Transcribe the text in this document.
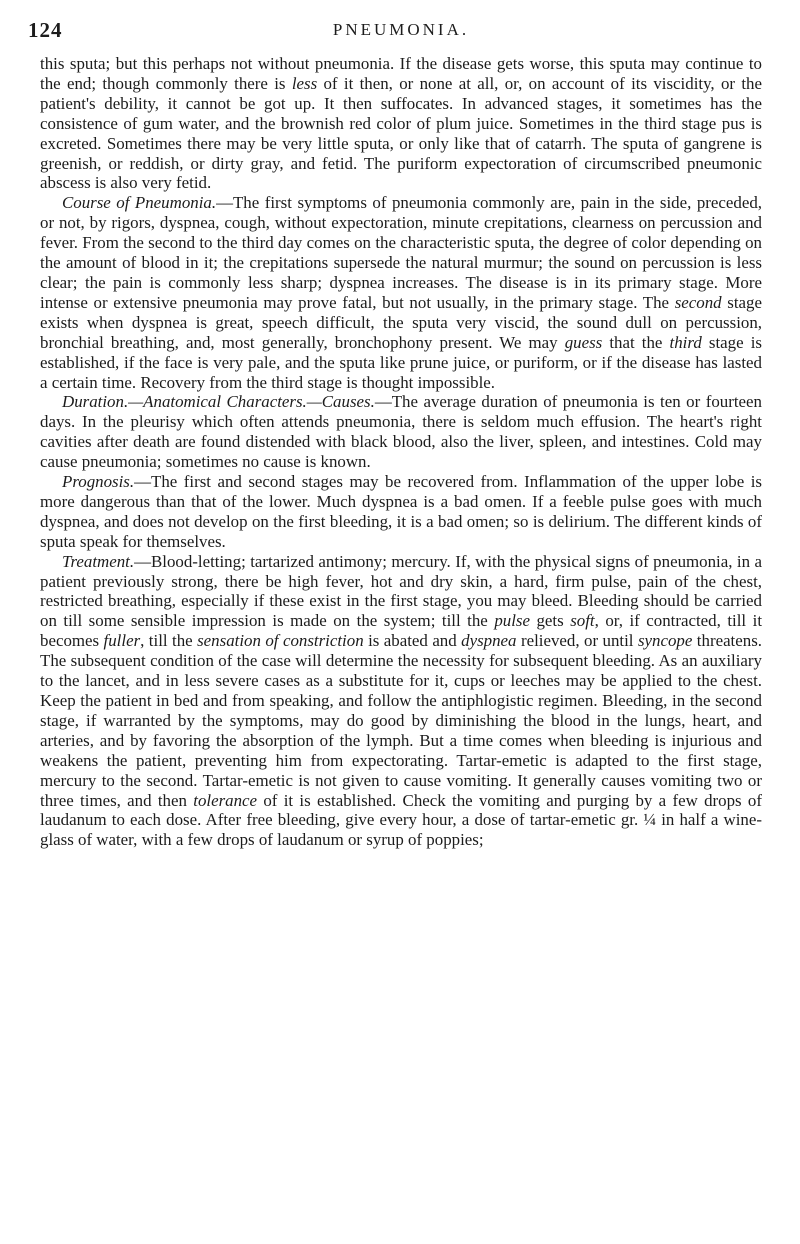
124	PNEUMONIA.

this sputa; but this perhaps not without pneumonia. If the disease gets worse, this sputa may continue to the end; though commonly there is less of it then, or none at all, or, on account of its viscidity, or the patient's debility, it cannot be got up. It then suffocates. In advanced stages, it sometimes has the consistence of gum water, and the brownish red color of plum juice. Sometimes in the third stage pus is excreted. Sometimes there may be very little sputa, or only like that of catarrh. The sputa of gangrene is greenish, or reddish, or dirty gray, and fetid. The puriform expectoration of circumscribed pneumonic abscess is also very fetid.

Course of Pneumonia.—The first symptoms of pneumonia commonly are, pain in the side, preceded, or not, by rigors, dyspnea, cough, without expectoration, minute crepitations, clearness on percussion and fever. From the second to the third day comes on the characteristic sputa, the degree of color depending on the amount of blood in it; the crepitations supersede the natural murmur; the sound on percussion is less clear; the pain is commonly less sharp; dyspnea increases. The disease is in its primary stage. More intense or extensive pneumonia may prove fatal, but not usually, in the primary stage. The second stage exists when dyspnea is great, speech difficult, the sputa very viscid, the sound dull on percussion, bronchial breathing, and, most generally, bronchophony present. We may guess that the third stage is established, if the face is very pale, and the sputa like prune juice, or puriform, or if the disease has lasted a certain time. Recovery from the third stage is thought impossible.

Duration.—Anatomical Characters.—Causes.—The average duration of pneumonia is ten or fourteen days. In the pleurisy which often attends pneumonia, there is seldom much effusion. The heart's right cavities after death are found distended with black blood, also the liver, spleen, and intestines. Cold may cause pneumonia; sometimes no cause is known.

Prognosis.—The first and second stages may be recovered from. Inflammation of the upper lobe is more dangerous than that of the lower. Much dyspnea is a bad omen. If a feeble pulse goes with much dyspnea, and does not develop on the first bleeding, it is a bad omen; so is delirium. The different kinds of sputa speak for themselves.

Treatment.—Blood-letting; tartarized antimony; mercury. If, with the physical signs of pneumonia, in a patient previously strong, there be high fever, hot and dry skin, a hard, firm pulse, pain of the chest, restricted breathing, especially if these exist in the first stage, you may bleed. Bleeding should be carried on till some sensible impression is made on the system; till the pulse gets soft, or, if contracted, till it becomes fuller, till the sensation of constriction is abated and dyspnea relieved, or until syncope threatens. The subsequent condition of the case will determine the necessity for subsequent bleeding. As an auxiliary to the lancet, and in less severe cases as a substitute for it, cups or leeches may be applied to the chest. Keep the patient in bed and from speaking, and follow the antiphlogistic regimen. Bleeding, in the second stage, if warranted by the symptoms, may do good by diminishing the blood in the lungs, heart, and arteries, and by favoring the absorption of the lymph. But a time comes when bleeding is injurious and weakens the patient, preventing him from expectorating. Tartar-emetic is adapted to the first stage, mercury to the second. Tartar-emetic is not given to cause vomiting. It generally causes vomiting two or three times, and then tolerance of it is established. Check the vomiting and purging by a few drops of laudanum to each dose. After free bleeding, give every hour, a dose of tartar-emetic gr. ¼ in half a wine-glass of water, with a few drops of laudanum or syrup of poppies;
